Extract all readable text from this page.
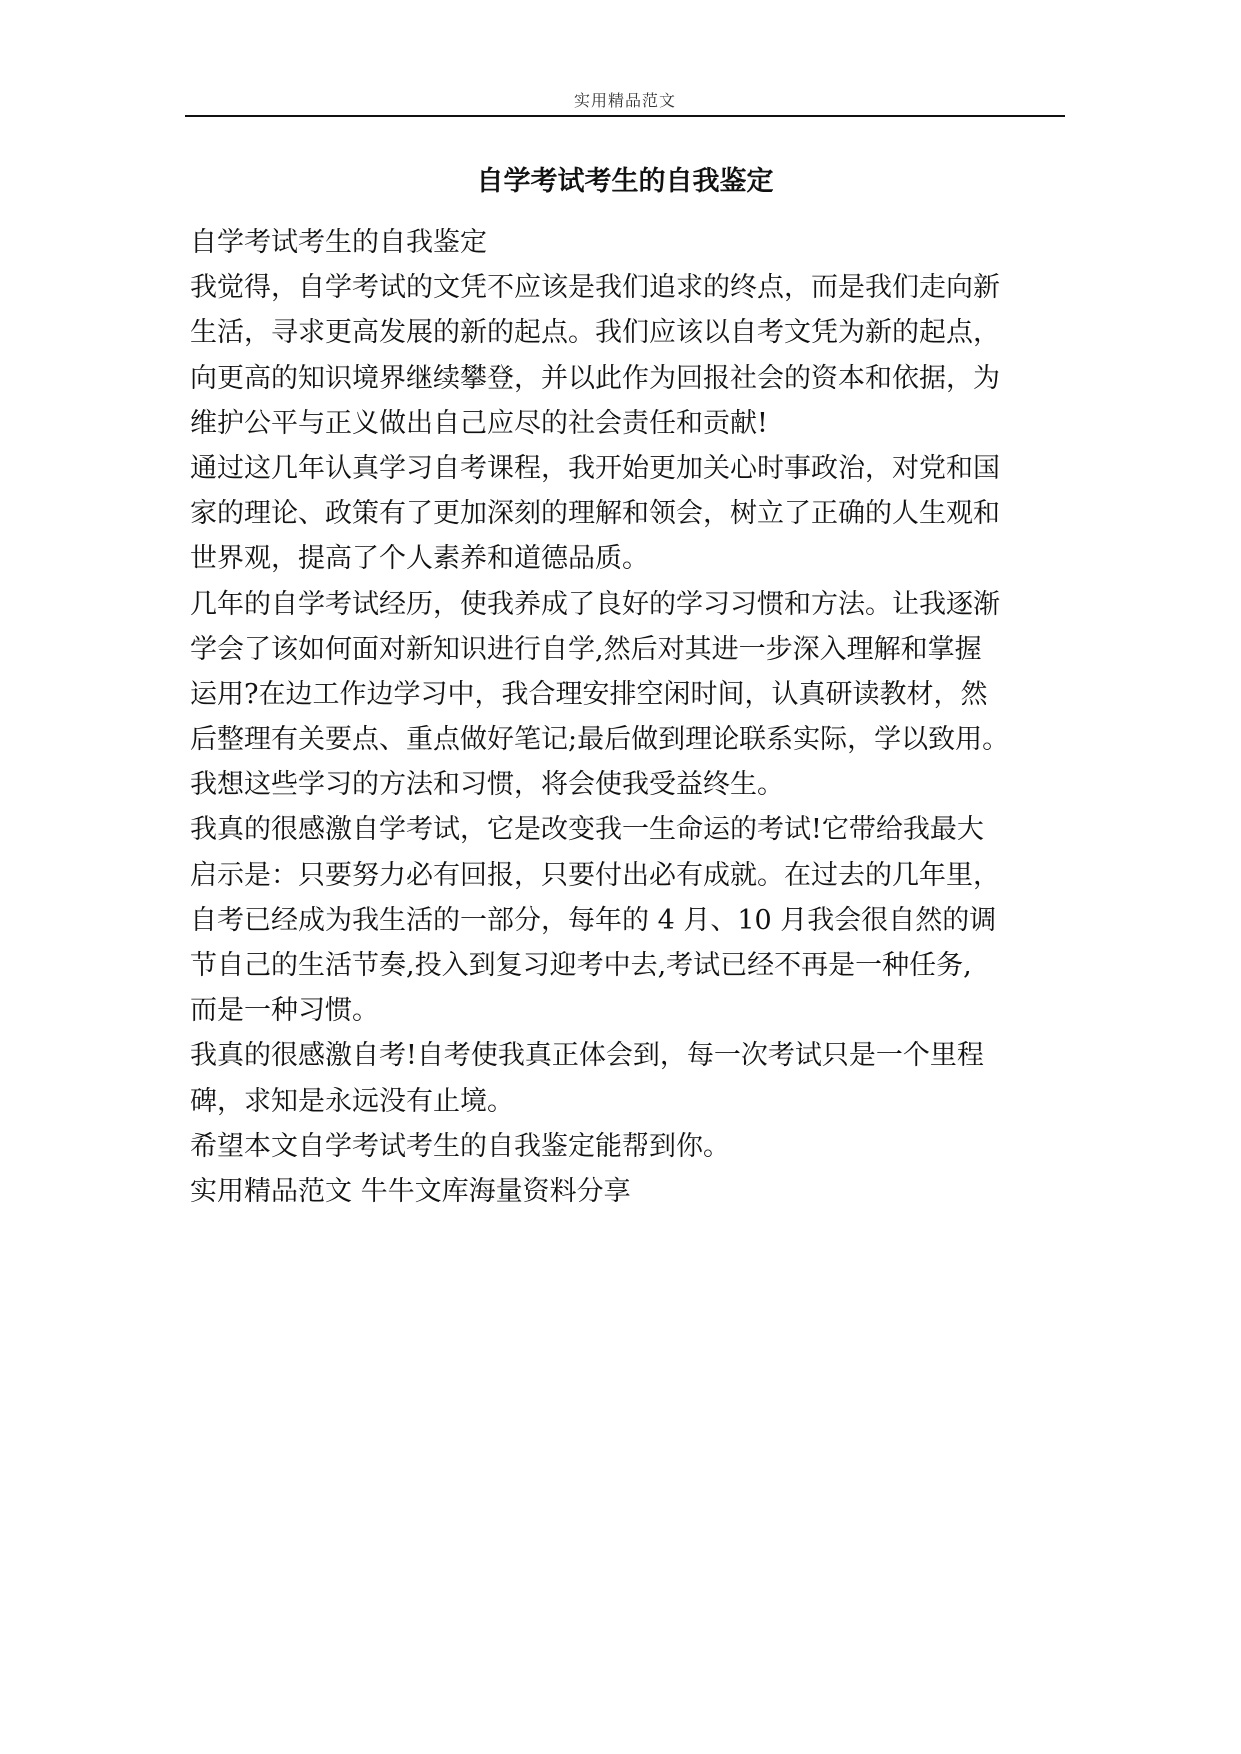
实用精品范文
自学考试考生的自我鉴定

自学考试考生的自我鉴定

我觉得，自学考试的文凭不应该是我们追求的终点，而是我们走向新

生活，寻求更高发展的新的起点。我们应该以自考文凭为新的起点，

向更高的知识境界继续攀登，并以此作为回报社会的资本和依据，为

维护公平与正义做出自己应尽的社会责任和贡献!

通过这几年认真学习自考课程，我开始更加关心时事政治，对党和国

家的理论、政策有了更加深刻的理解和领会，树立了正确的人生观和

世界观，提高了个人素养和道德品质。

几年的自学考试经历，使我养成了良好的学习习惯和方法。让我逐渐

学会了该如何面对新知识进行自学,然后对其进一步深入理解和掌握

运用?在边工作边学习中，我合理安排空闲时间，认真研读教材，然

后整理有关要点、重点做好笔记;最后做到理论联系实际，学以致用。

我想这些学习的方法和习惯，将会使我受益终生。

我真的很感激自学考试，它是改变我一生命运的考试!它带给我最大

启示是：只要努力必有回报，只要付出必有成就。在过去的几年里，

自考已经成为我生活的一部分，每年的 4 月、10 月我会很自然的调

节自己的生活节奏,投入到复习迎考中去,考试已经不再是一种任务,

而是一种习惯。

我真的很感激自考!自考使我真正体会到，每一次考试只是一个里程

碑，求知是永远没有止境。

希望本文自学考试考生的自我鉴定能帮到你。

实用精品范文 牛牛文库海量资料分享
